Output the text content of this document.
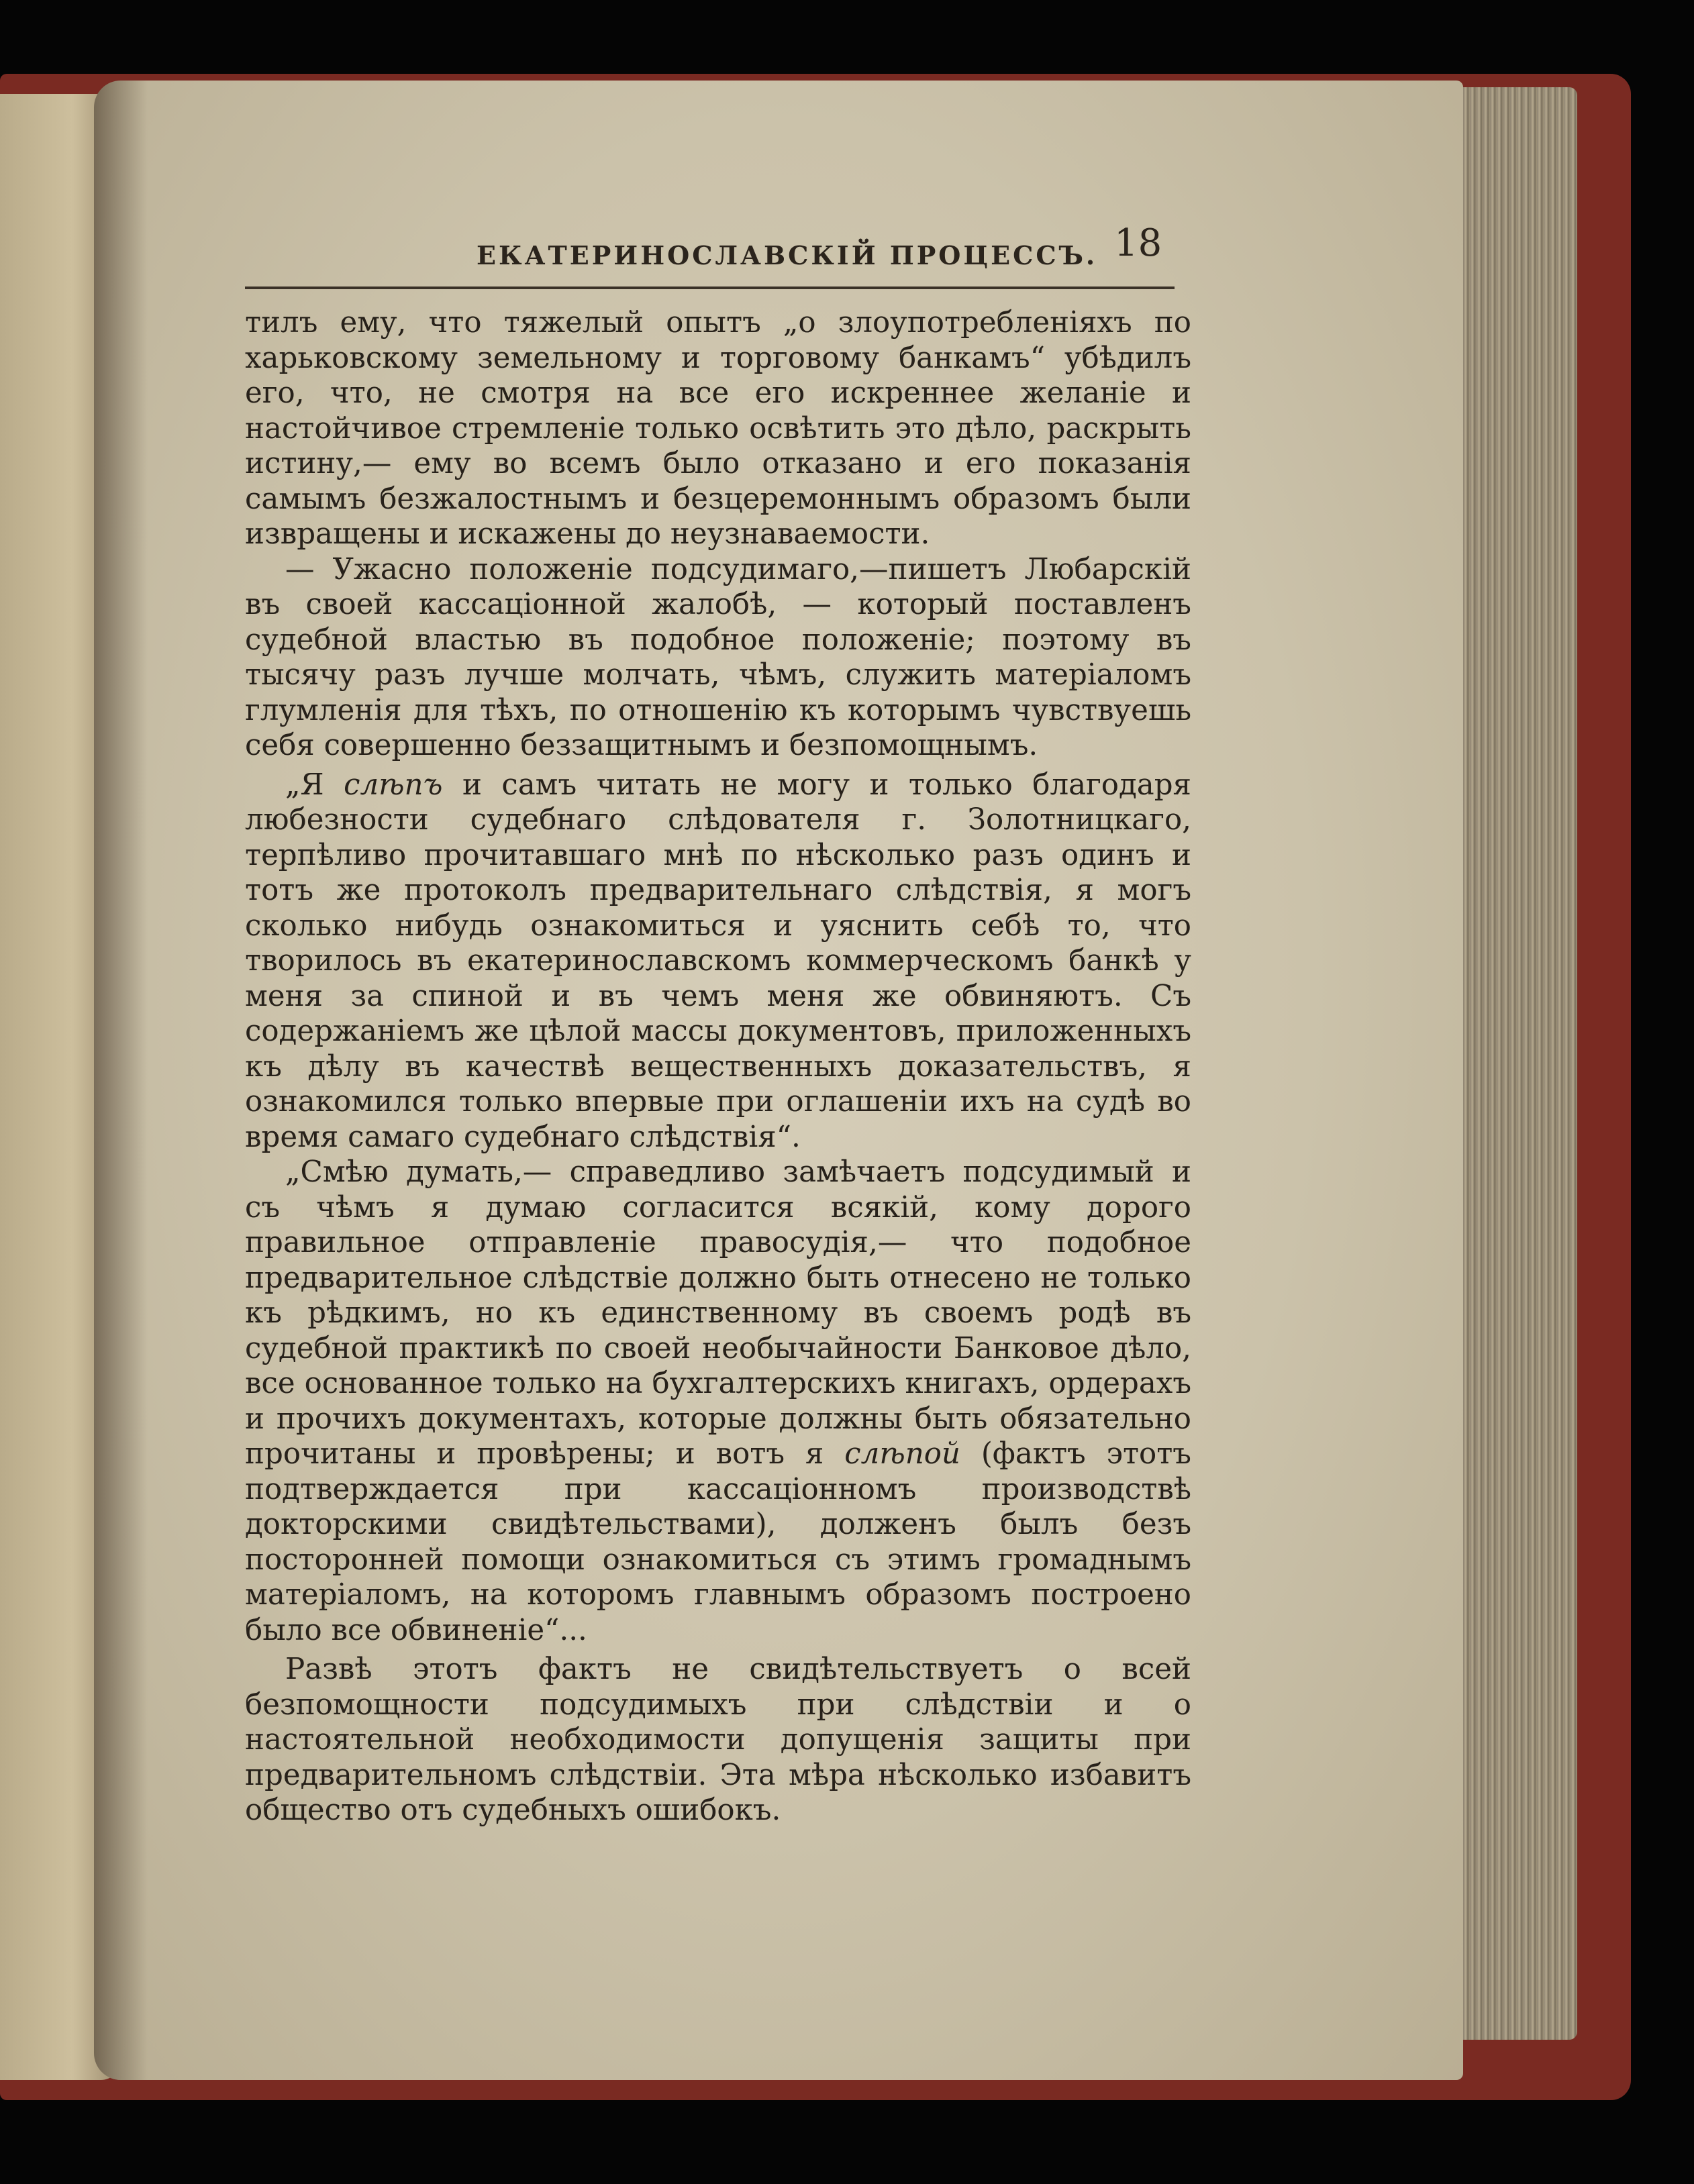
ЕКАТЕРИНОСЛАВСКІЙ ПРОЦЕССЪ. 18

тилъ ему, что тяжелый опытъ „о злоупотребленіяхъ по харьковскому земельному и торговому банкамъ“ убѣдилъ его, что, не смотря на все его искреннее желаніе и настойчивое стремленіе только освѣтить это дѣло, раскрыть истину,— ему во всемъ было отказано и его показанія самымъ безжалостнымъ и безцеремоннымъ образомъ были извращены и искажены до неузнаваемости.

— Ужасно положеніе подсудимаго,—пишетъ Любарскій въ своей кассаціонной жалобѣ, — который поставленъ судебной властью въ подобное положеніе; поэтому въ тысячу разъ лучше молчать, чѣмъ, служить матеріаломъ глумленія для тѣхъ, по отношенію къ которымъ чувствуешь себя совершенно беззащитнымъ и безпомощнымъ.

„Я слѣпъ и самъ читать не могу и только благодаря любезности судебнаго слѣдователя г. Золотницкаго, терпѣливо прочитавшаго мнѣ по нѣсколько разъ одинъ и тотъ же протоколъ предварительнаго слѣдствія, я могъ сколько нибудь ознакомиться и уяснить себѣ то, что творилось въ екатеринославскомъ коммерческомъ банкѣ у меня за спиной и въ чемъ меня же обвиняютъ. Съ содержаніемъ же цѣлой массы документовъ, приложенныхъ къ дѣлу въ качествѣ вещественныхъ доказательствъ, я ознакомился только впервые при оглашеніи ихъ на судѣ во время самаго судебнаго слѣдствія“.

„Смѣю думать,— справедливо замѣчаетъ подсудимый и съ чѣмъ я думаю согласится всякій, кому дорого правильное отправленіе правосудія,— что подобное предварительное слѣдствіе должно быть отнесено не только къ рѣдкимъ, но къ единственному въ своемъ родѣ въ судебной практикѣ по своей необычайности Банковое дѣло, все основанное только на бухгалтерскихъ книгахъ, ордерахъ и прочихъ документахъ, которые должны быть обязательно прочитаны и провѣрены; и вотъ я слѣпой (фактъ этотъ подтверждается при кассаціонномъ производствѣ докторскими свидѣтельствами), долженъ былъ безъ посторонней помощи ознакомиться съ этимъ громаднымъ матеріаломъ, на которомъ главнымъ образомъ построено было все обвиненіе“...

Развѣ этотъ фактъ не свидѣтельствуетъ о всей безпомощности подсудимыхъ при слѣдствіи и о настоятельной необходимости допущенія защиты при предварительномъ слѣдствіи. Эта мѣра нѣсколько избавитъ общество отъ судебныхъ ошибокъ.
